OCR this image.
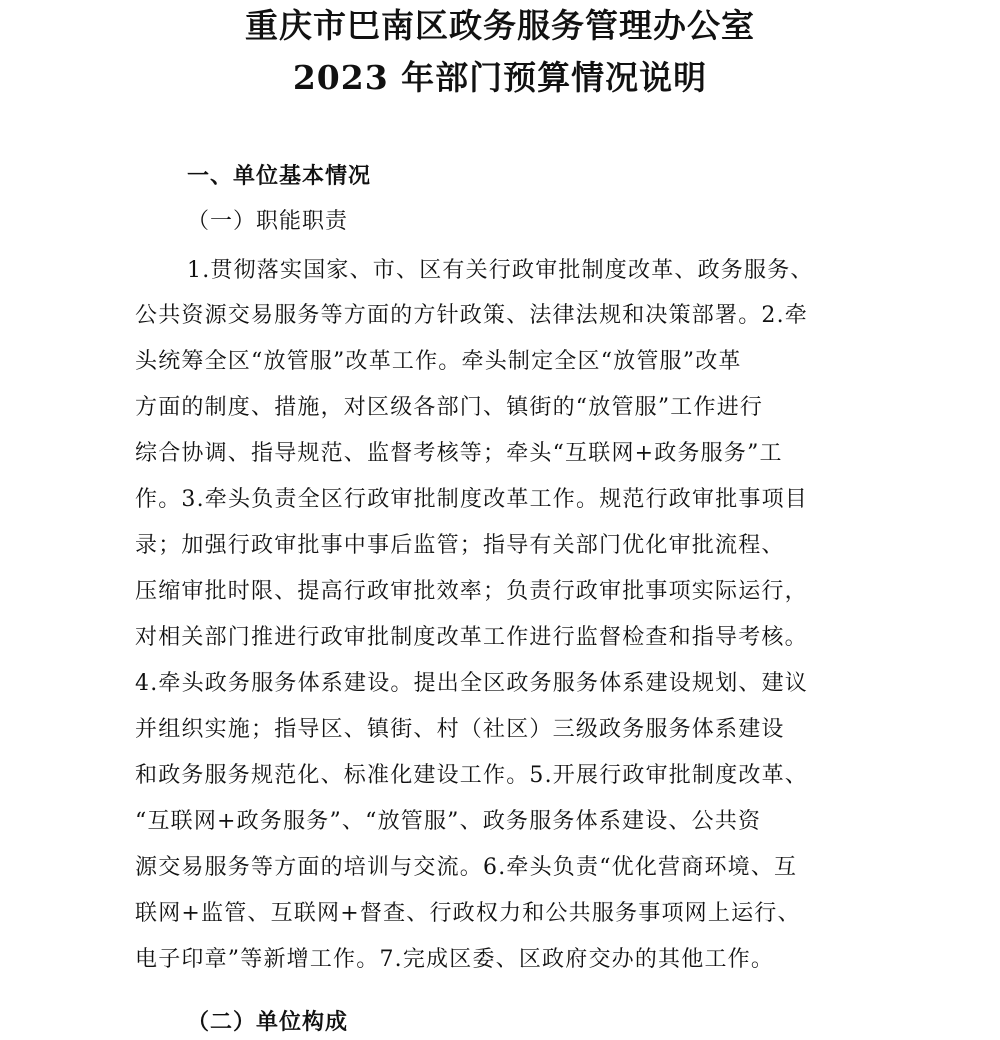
重庆市巴南区政务服务管理办公室
2023 年部门预算情况说明
一、单位基本情况
（一）职能职责
1.贯彻落实国家、市、区有关行政审批制度改革、政务服务、
公共资源交易服务等方面的方针政策、法律法规和决策部署。2.牵
头统筹全区“放管服”改革工作。牵头制定全区“放管服”改革
方面的制度、措施，对区级各部门、镇街的“放管服”工作进行
综合协调、指导规范、监督考核等；牵头“互联网+政务服务”工
作。3.牵头负责全区行政审批制度改革工作。规范行政审批事项目
录；加强行政审批事中事后监管；指导有关部门优化审批流程、
压缩审批时限、提高行政审批效率；负责行政审批事项实际运行，
对相关部门推进行政审批制度改革工作进行监督检查和指导考核。
4.牵头政务服务体系建设。提出全区政务服务体系建设规划、建议
并组织实施；指导区、镇街、村（社区）三级政务服务体系建设
和政务服务规范化、标准化建设工作。5.开展行政审批制度改革、
“互联网+政务服务”、“放管服”、政务服务体系建设、公共资
源交易服务等方面的培训与交流。6.牵头负责“优化营商环境、互
联网+监管、互联网+督查、行政权力和公共服务事项网上运行、
电子印章”等新增工作。7.完成区委、区政府交办的其他工作。
（二）单位构成
